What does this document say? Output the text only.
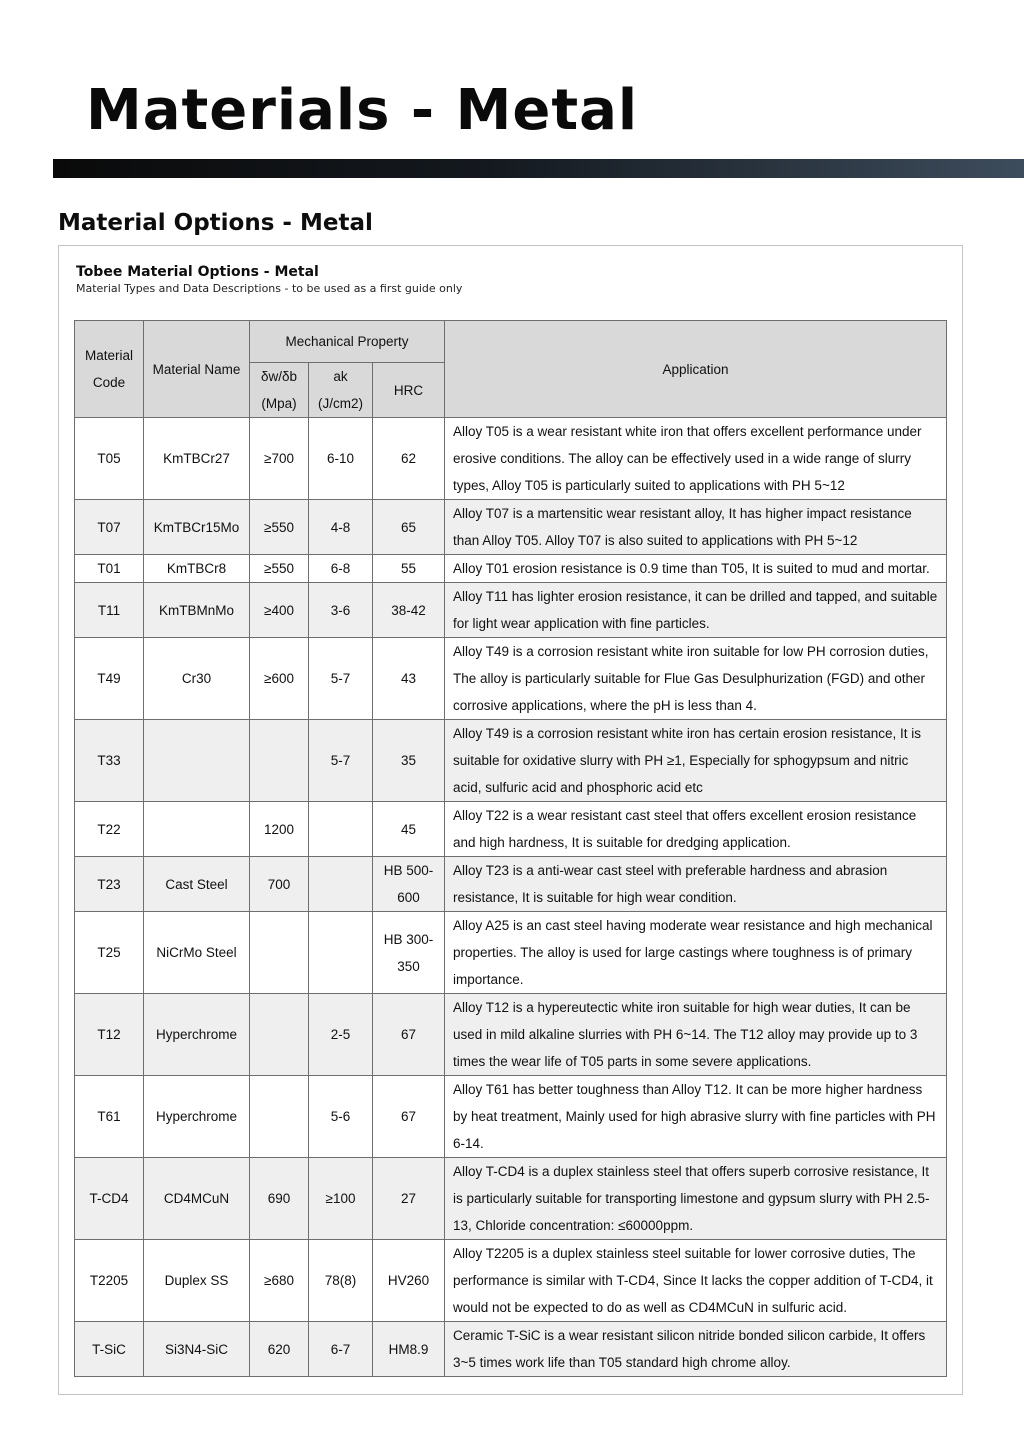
Materials - Metal
Material Options - Metal
Tobee Material Options - Metal
Material Types and Data Descriptions - to be used as a first guide only
Material Code	Material Name	Mechanical Property			Application
		δw/δb (Mpa)	ak (J/cm2)	HRC	
T05	KmTBCr27	≥700	6-10	62	Alloy T05 is a wear resistant white iron that offers excellent performance under erosive conditions. The alloy can be effectively used in a wide range of slurry types, Alloy T05 is particularly suited to applications with PH 5~12
T07	KmTBCr15Mo	≥550	4-8	65	Alloy T07 is a martensitic wear resistant alloy, It has higher impact resistance than Alloy T05. Alloy T07 is also suited to applications with PH 5~12
T01	KmTBCr8	≥550	6-8	55	Alloy T01 erosion resistance is 0.9 time than T05, It is suited to mud and mortar.
T11	KmTBMnMo	≥400	3-6	38-42	Alloy T11 has lighter erosion resistance, it can be drilled and tapped, and suitable for light wear application with fine particles.
T49	Cr30	≥600	5-7	43	Alloy T49 is a corrosion resistant white iron suitable for low PH corrosion duties, The alloy is particularly suitable for Flue Gas Desulphurization (FGD) and other corrosive applications, where the pH is less than 4.
T33			5-7	35	Alloy T49 is a corrosion resistant white iron has certain erosion resistance, It is suitable for oxidative slurry with PH ≥1, Especially for sphogypsum and nitric acid, sulfuric acid and phosphoric acid etc
T22		1200		45	Alloy T22 is a wear resistant cast steel that offers excellent erosion resistance and high hardness, It is suitable for dredging application.
T23	Cast Steel	700		HB 500-600	Alloy T23 is a anti-wear cast steel with preferable hardness and abrasion resistance, It is suitable for high wear condition.
T25	NiCrMo Steel			HB 300-350	Alloy A25 is an cast steel having moderate wear resistance and high mechanical properties. The alloy is used for large castings where toughness is of primary importance.
T12	Hyperchrome		2-5	67	Alloy T12 is a hypereutectic white iron suitable for high wear duties, It can be used in mild alkaline slurries with PH 6~14. The T12 alloy may provide up to 3 times the wear life of T05 parts in some severe applications.
T61	Hyperchrome		5-6	67	Alloy T61 has better toughness than Alloy T12. It can be more higher hardness by heat treatment, Mainly used for high abrasive slurry with fine particles with PH 6-14.
T-CD4	CD4MCuN	690	≥100	27	Alloy T-CD4 is a duplex stainless steel that offers superb corrosive resistance, It is particularly suitable for transporting limestone and gypsum slurry with PH 2.5-13, Chloride concentration: ≤60000ppm.
T2205	Duplex SS	≥680	78(8)	HV260	Alloy T2205 is a duplex stainless steel suitable for lower corrosive duties, The performance is similar with T-CD4, Since It lacks the copper addition of T-CD4, it would not be expected to do as well as CD4MCuN in sulfuric acid.
T-SiC	Si3N4-SiC	620	6-7	HM8.9	Ceramic T-SiC is a wear resistant silicon nitride bonded silicon carbide, It offers 3~5 times work life than T05 standard high chrome alloy.
